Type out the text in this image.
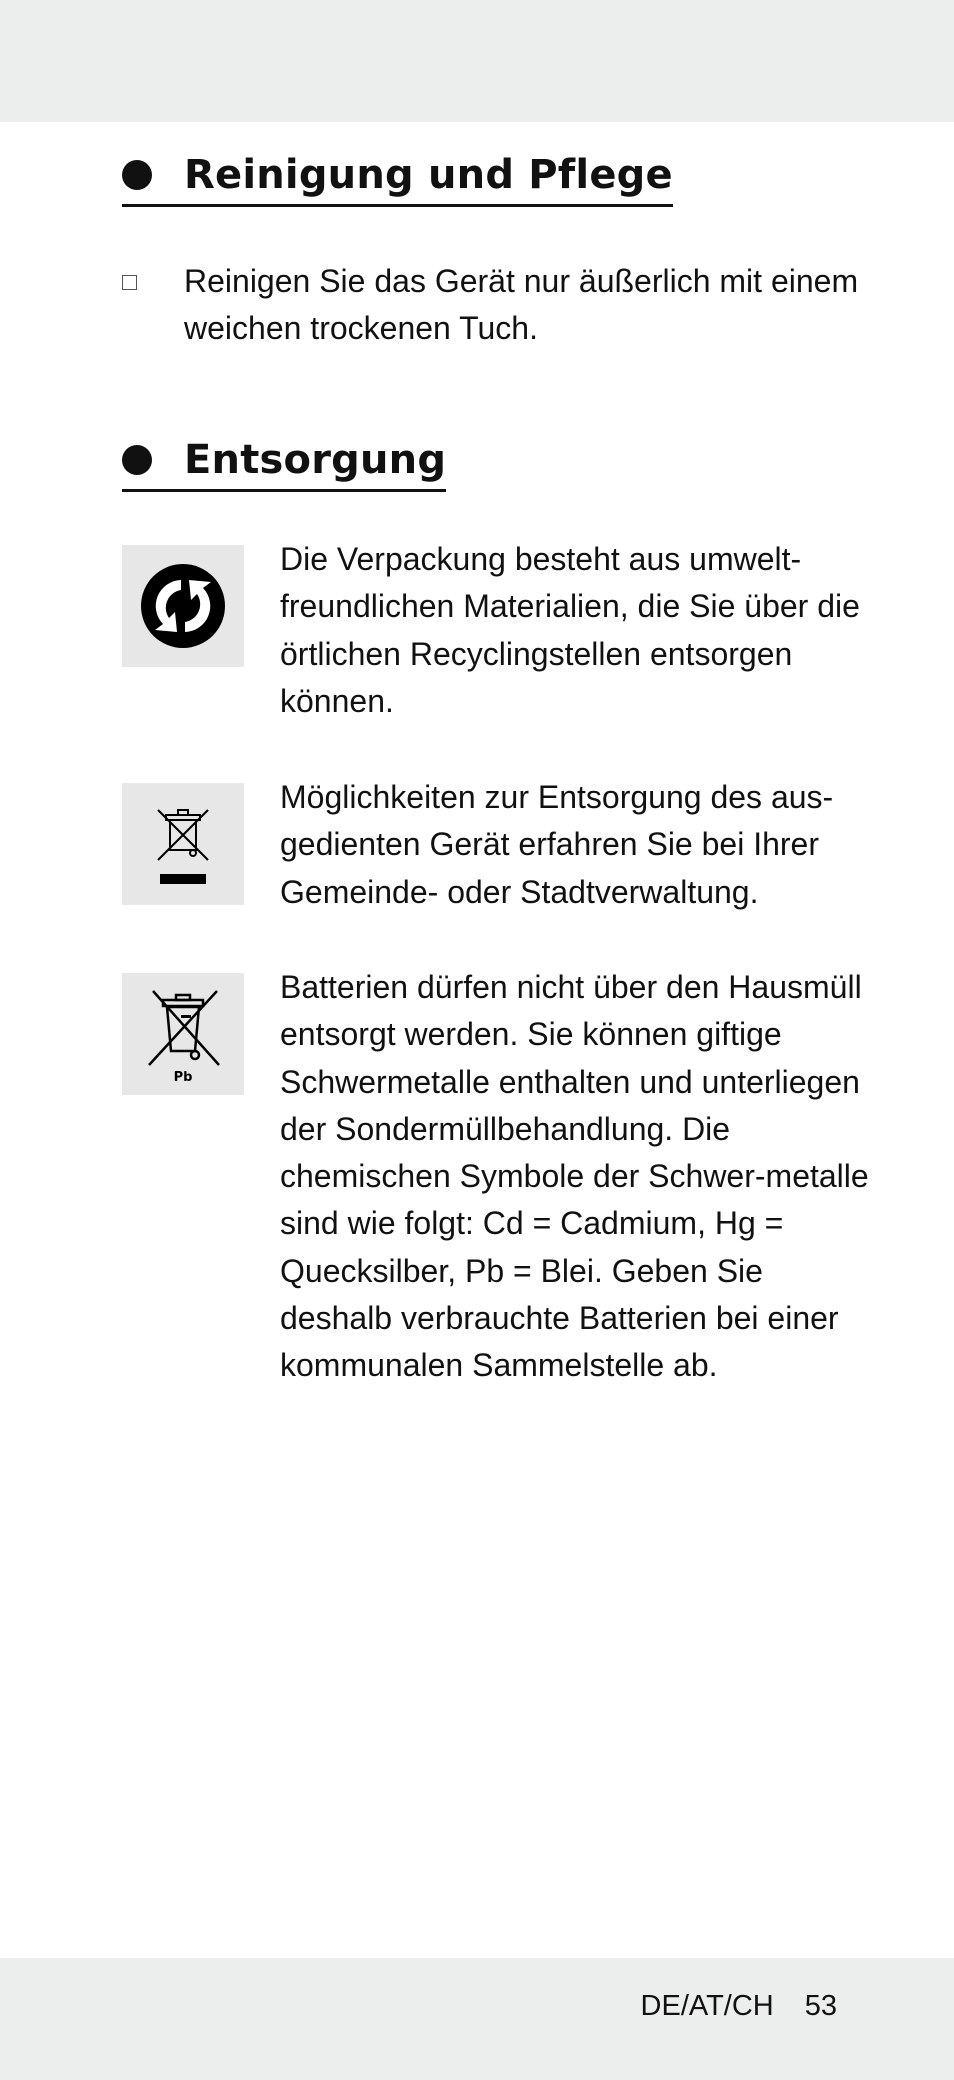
Reinigung und Pflege
Reinigen Sie das Gerät nur äußerlich mit einem weichen trockenen Tuch.
Entsorgung

Die Verpackung besteht aus umwelt-freundlichen Materialien, die Sie über die örtlichen Recyclingstellen entsorgen können.

Möglichkeiten zur Entsorgung des aus-gedienten Gerät erfahren Sie bei Ihrer Gemeinde- oder Stadtverwaltung.

Pb

Batterien dürfen nicht über den Hausmüll entsorgt werden. Sie können giftige Schwermetalle enthalten und unterliegen der Sondermüllbehandlung. Die chemischen Symbole der Schwer-metalle sind wie folgt: Cd = Cadmium, Hg = Quecksilber, Pb = Blei. Geben Sie deshalb verbrauchte Batterien bei einer kommunalen Sammelstelle ab.

DE/AT/CH 53
